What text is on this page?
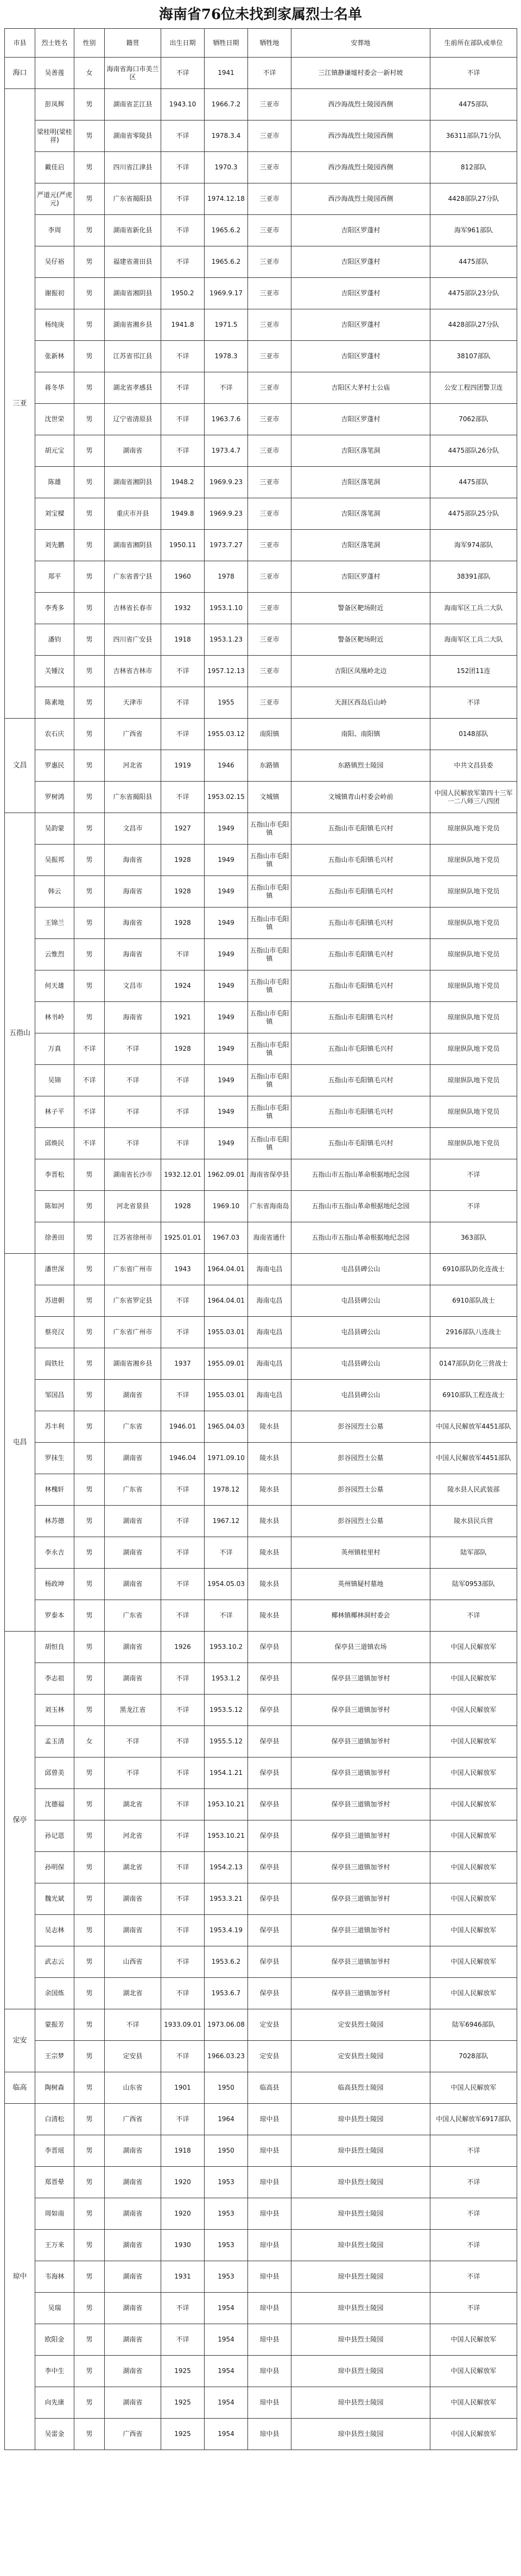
海南省76位未找到家属烈士名单
市县	烈士姓名	性别	籍贯	出生日期	牺牲日期	牺牲地	安葬地	生前所在部队或单位
海口	吴善莲	女	海南省海口市美兰区	不详	1941	不详	三江镇静谦墟村委会一新村坡	不详
三亚	彭凤辉	男	湖南省芷江县	1943.10	1966.7.2	三亚市	西沙海战烈士陵园西侧	4475部队
	梁桂明(梁桂祥)	男	湖南省零陵县	不详	1978.3.4	三亚市	西沙海战烈士陵园西侧	36311部队71分队
	戴佳启	男	四川省江津县	不详	1970.3	三亚市	西沙海战烈士陵园西侧	812部队
	严道元(严虎元)	男	广东省揭阳县	不详	1974.12.18	三亚市	西沙海战烈士陵园西侧	4428部队27分队
	李周	男	湖南省新化县	不详	1965.6.2	三亚市	吉阳区罗蓬村	海军961部队
	吴仔裕	男	福建省莆田县	不详	1965.6.2	三亚市	吉阳区罗蓬村	4475部队
	谢振初	男	湖南省湘阴县	1950.2	1969.9.17	三亚市	吉阳区罗蓬村	4475部队23分队
	杨纯庚	男	湖南省湘乡县	1941.8	1971.5	三亚市	吉阳区罗蓬村	4428部队27分队
	张新林	男	江苏省邗江县	不详	1978.3	三亚市	吉阳区罗蓬村	38107部队
	蒋冬华	男	湖北省孝感县	不详	不详	三亚市	吉阳区大茅村士公庙	公安工程四团警卫连
	沈世荣	男	辽宁省清原县	不详	1963.7.6	三亚市	吉阳区罗蓬村	7062部队
	胡元宝	男	湖南省	不详	1973.4.7	三亚市	吉阳区落笔洞	4475部队26分队
	陈雄	男	湖南省湘阴县	1948.2	1969.9.23	三亚市	吉阳区落笔洞	4475部队
	刘宝樑	男	重庆市开县	1949.8	1969.9.23	三亚市	吉阳区落笔洞	4475部队25分队
	刘先鹏	男	湖南省湘阴县	1950.11	1973.7.27	三亚市	吉阳区落笔洞	海军974部队
	郑平	男	广东省普宁县	1960	1978	三亚市	吉阳区罗蓬村	38391部队
	李秀多	男	吉林省长春市	1932	1953.1.10	三亚市	警备区靶场附近	海南军区工兵二大队
	潘钧	男	四川省广安县	1918	1953.1.23	三亚市	警备区靶场附近	海南军区工兵二大队
	关锺汶	男	吉林省吉林市	不详	1957.12.13	三亚市	吉阳区凤凰岭北边	152团11连
	陈素地	男	天津市	不详	1955	三亚市	天涯区西岛后山岭	不详
文昌	农石庆	男	广西省	不详	1955.03.12	南阳镇	南阳、南阳镇	0148部队
	罗惠民	男	河北省	1919	1946	东路镇	东路镇烈士陵园	中共文昌县委
	罗树鸿	男	广东省揭阳县	不详	1953.02.15	文城镇	文城镇青山村委会岭前	中国人民解放军第四十三军一二八师三八四团
五指山	吴韵蒙	男	文昌市	1927	1949	五指山市毛阳镇	五指山市毛阳镇毛兴村	琼崖纵队地下党员
	吴振邦	男	海南省	1928	1949	五指山市毛阳镇	五指山市毛阳镇毛兴村	琼崖纵队地下党员
	韩云	男	海南省	1928	1949	五指山市毛阳镇	五指山市毛阳镇毛兴村	琼崖纵队地下党员
	王锦兰	男	海南省	1928	1949	五指山市毛阳镇	五指山市毛阳镇毛兴村	琼崖纵队地下党员
	云惟烈	男	海南省	不详	1949	五指山市毛阳镇	五指山市毛阳镇毛兴村	琼崖纵队地下党员
	何天雄	男	文昌市	1924	1949	五指山市毛阳镇	五指山市毛阳镇毛兴村	琼崖纵队地下党员
	林书岭	男	海南省	1921	1949	五指山市毛阳镇	五指山市毛阳镇毛兴村	琼崖纵队地下党员
	万真	不详	不详	1928	1949	五指山市毛阳镇	五指山市毛阳镇毛兴村	琼崖纵队地下党员
	吴锦	不详	不详	不详	1949	五指山市毛阳镇	五指山市毛阳镇毛兴村	琼崖纵队地下党员
	林子平	不详	不详	不详	1949	五指山市毛阳镇	五指山市毛阳镇毛兴村	琼崖纵队地下党员
	邱焕民	不详	不详	不详	1949	五指山市毛阳镇	五指山市毛阳镇毛兴村	琼崖纵队地下党员
	李晋松	男	湖南省长沙市	1932.12.01	1962.09.01	海南省保亭县	五指山市五指山革命根据地纪念园	不详
	陈如河	男	河北省景县	1928	1969.10	广东省海南岛	五指山市五指山革命根据地纪念园	不详
	徐善田	男	江苏省徐州市	1925.01.01	1967.03	海南省通什	五指山市五指山革命根据地纪念园	363部队
屯昌	潘世深	男	广东省广州市	1943	1964.04.01	海南屯昌	屯昌县碑公山	6910部队防化连战士
	苏进朝	男	广东省罗定县	不详	1964.04.01	海南屯昌	屯昌县碑公山	6910部队战士
	蔡亮汉	男	广东省广州市	不详	1955.03.01	海南屯昌	屯昌县碑公山	2916部队八连战士
	阎铁壮	男	湖南省湘乡县	1937	1955.09.01	海南屯昌	屯昌县碑公山	0147部队防化三营战士
	邹国昌	男	湖南省	不详	1955.03.01	海南屯昌	屯昌县碑公山	6910部队工程连战士
	苏丰利	男	广东省	1946.01	1965.04.03	陵水县	彭谷园烈士公墓	中国人民解放军4451部队
	罗抹生	男	湖南省	1946.04	1971.09.10	陵水县	彭谷园烈士公墓	中国人民解放军4451部队
	林槐轩	男	广东省	不详	1978.12	陵水县	彭谷园烈士公墓	陵水县人民武装部
	林苏德	男	湖南省	不详	1967.12	陵水县	彭谷园烈士公墓	陵水县民兵营
	李永吉	男	湖南省	不详	不详	陵水县	英州镇桂里村	陆军部队
	杨政坤	男	湖南省	不详	1954.05.03	陵水县	英州镇疑村墓地	陆军0953部队
	罗泰本	男	广东省	不详	不详	陵水县	椰林镇椰林洞村委会	不详
保亭	胡恒良	男	湖南省	1926	1953.10.2	保亭县	保亭县三道镇农场	中国人民解放军
	李志祖	男	湖南省	不详	1953.1.2	保亭县	保亭县三道镇加爷村	中国人民解放军
	刘玉林	男	黑龙江省	不详	1953.5.12	保亭县	保亭县三道镇加爷村	中国人民解放军
	孟玉清	女	不详	不详	1955.5.12	保亭县	保亭县三道镇加爷村	中国人民解放军
	邱曾美	男	不详	不详	1954.1.21	保亭县	保亭县三道镇加爷村	中国人民解放军
	沈德福	男	湖北省	不详	1953.10.21	保亭县	保亭县三道镇加爷村	中国人民解放军
	孙记恩	男	河北省	不详	1953.10.21	保亭县	保亭县三道镇加爷村	中国人民解放军
	孙明保	男	湖北省	不详	1954.2.13	保亭县	保亭县三道镇加爷村	中国人民解放军
	魏光斌	男	湖南省	不详	1953.3.21	保亭县	保亭县三道镇加爷村	中国人民解放军
	吴志林	男	湖南省	不详	1953.4.19	保亭县	保亭县三道镇加爷村	中国人民解放军
	武志云	男	山西省	不详	1953.6.2	保亭县	保亭县三道镇加爷村	中国人民解放军
	余国炼	男	湖北省	不详	1953.6.7	保亭县	保亭县三道镇加爷村	中国人民解放军
定安	蒙振芳	男	不详	1933.09.01	1973.06.08	定安县	定安县烈士陵园	陆军6946部队
	王宗梦	男	定安县	不详	1966.03.23	定安县	定安县烈士陵园	7028部队
临高	陶树森	男	山东省	1901	1950	临高县	临高县烈士陵园	中国人民解放军
琼中	白清松	男	广西省	不详	1964	琼中县	琼中县烈士陵园	中国人民解放军6917部队
	李晋瑶	男	湖南省	1918	1950	琼中县	琼中县烈士陵园	不详
	郑晋晕	男	湖南省	1920	1953	琼中县	琼中县烈士陵园	不详
	周如南	男	湖南省	1920	1953	琼中县	琼中县烈士陵园	不详
	王万来	男	湖南省	1930	1953	琼中县	琼中县烈士陵园	不详
	韦海林	男	湖南省	1931	1953	琼中县	琼中县烈士陵园	不详
	吴瑞	男	湖南省	不详	1954	琼中县	琼中县烈士陵园	不详
	欧阳金	男	湖南省	不详	1954	琼中县	琼中县烈士陵园	中国人民解放军
	李中生	男	湖南省	1925	1954	琼中县	琼中县烈士陵园	中国人民解放军
	向先康	男	湖南省	1925	1954	琼中县	琼中县烈士陵园	中国人民解放军
	吴雷金	男	广西省	1925	1954	琼中县	琼中县烈士陵园	中国人民解放军
